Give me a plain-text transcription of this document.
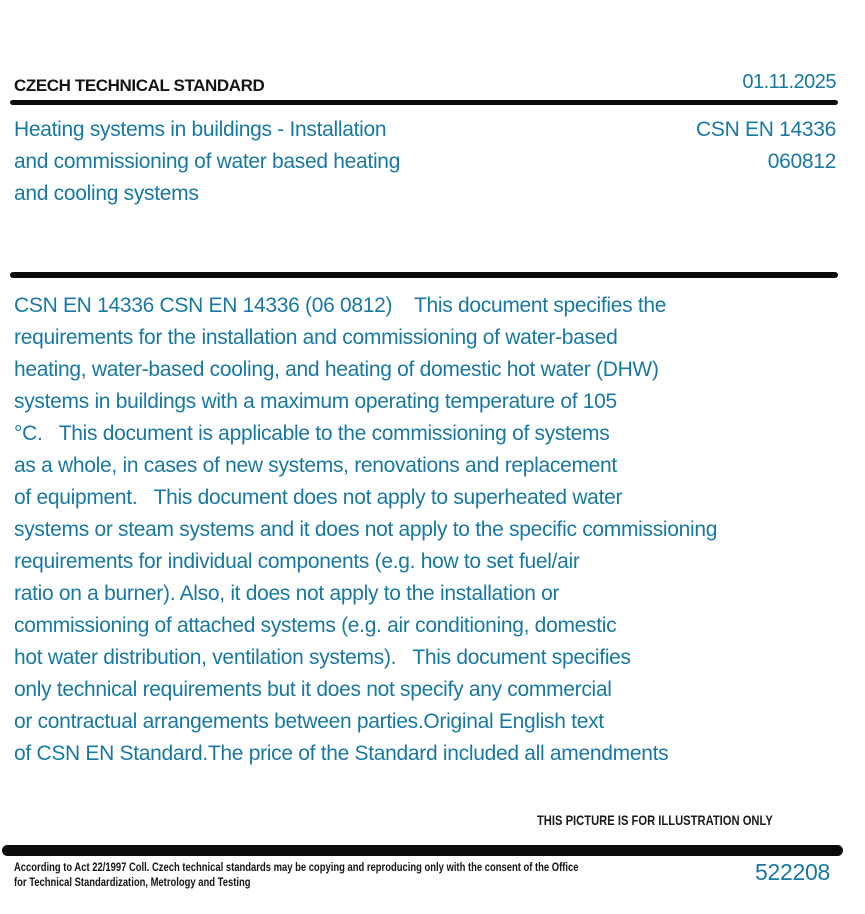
CZECH TECHNICAL STANDARD	01.11.2025
Heating systems in buildings - Installation
and commissioning of water based heating
and cooling systems
CSN EN 14336
060812
CSN EN 14336 CSN EN 14336 (06 0812)    This document specifies the
requirements for the installation and commissioning of water-based
heating, water-based cooling, and heating of domestic hot water (DHW)
systems in buildings with a maximum operating temperature of 105
°C.   This document is applicable to the commissioning of systems
as a whole, in cases of new systems, renovations and replacement
of equipment.   This document does not apply to superheated water
systems or steam systems and it does not apply to the specific commissioning
requirements for individual components (e.g. how to set fuel/air
ratio on a burner). Also, it does not apply to the installation or
commissioning of attached systems (e.g. air conditioning, domestic
hot water distribution, ventilation systems).   This document specifies
only technical requirements but it does not specify any commercial
or contractual arrangements between parties.Original English text
of CSN EN Standard.The price of the Standard included all amendments
THIS PICTURE IS FOR ILLUSTRATION ONLY
According to Act 22/1997 Coll. Czech technical standards may be copying and reproducing only with the consent of the Office
for Technical Standardization, Metrology and Testing	522208
